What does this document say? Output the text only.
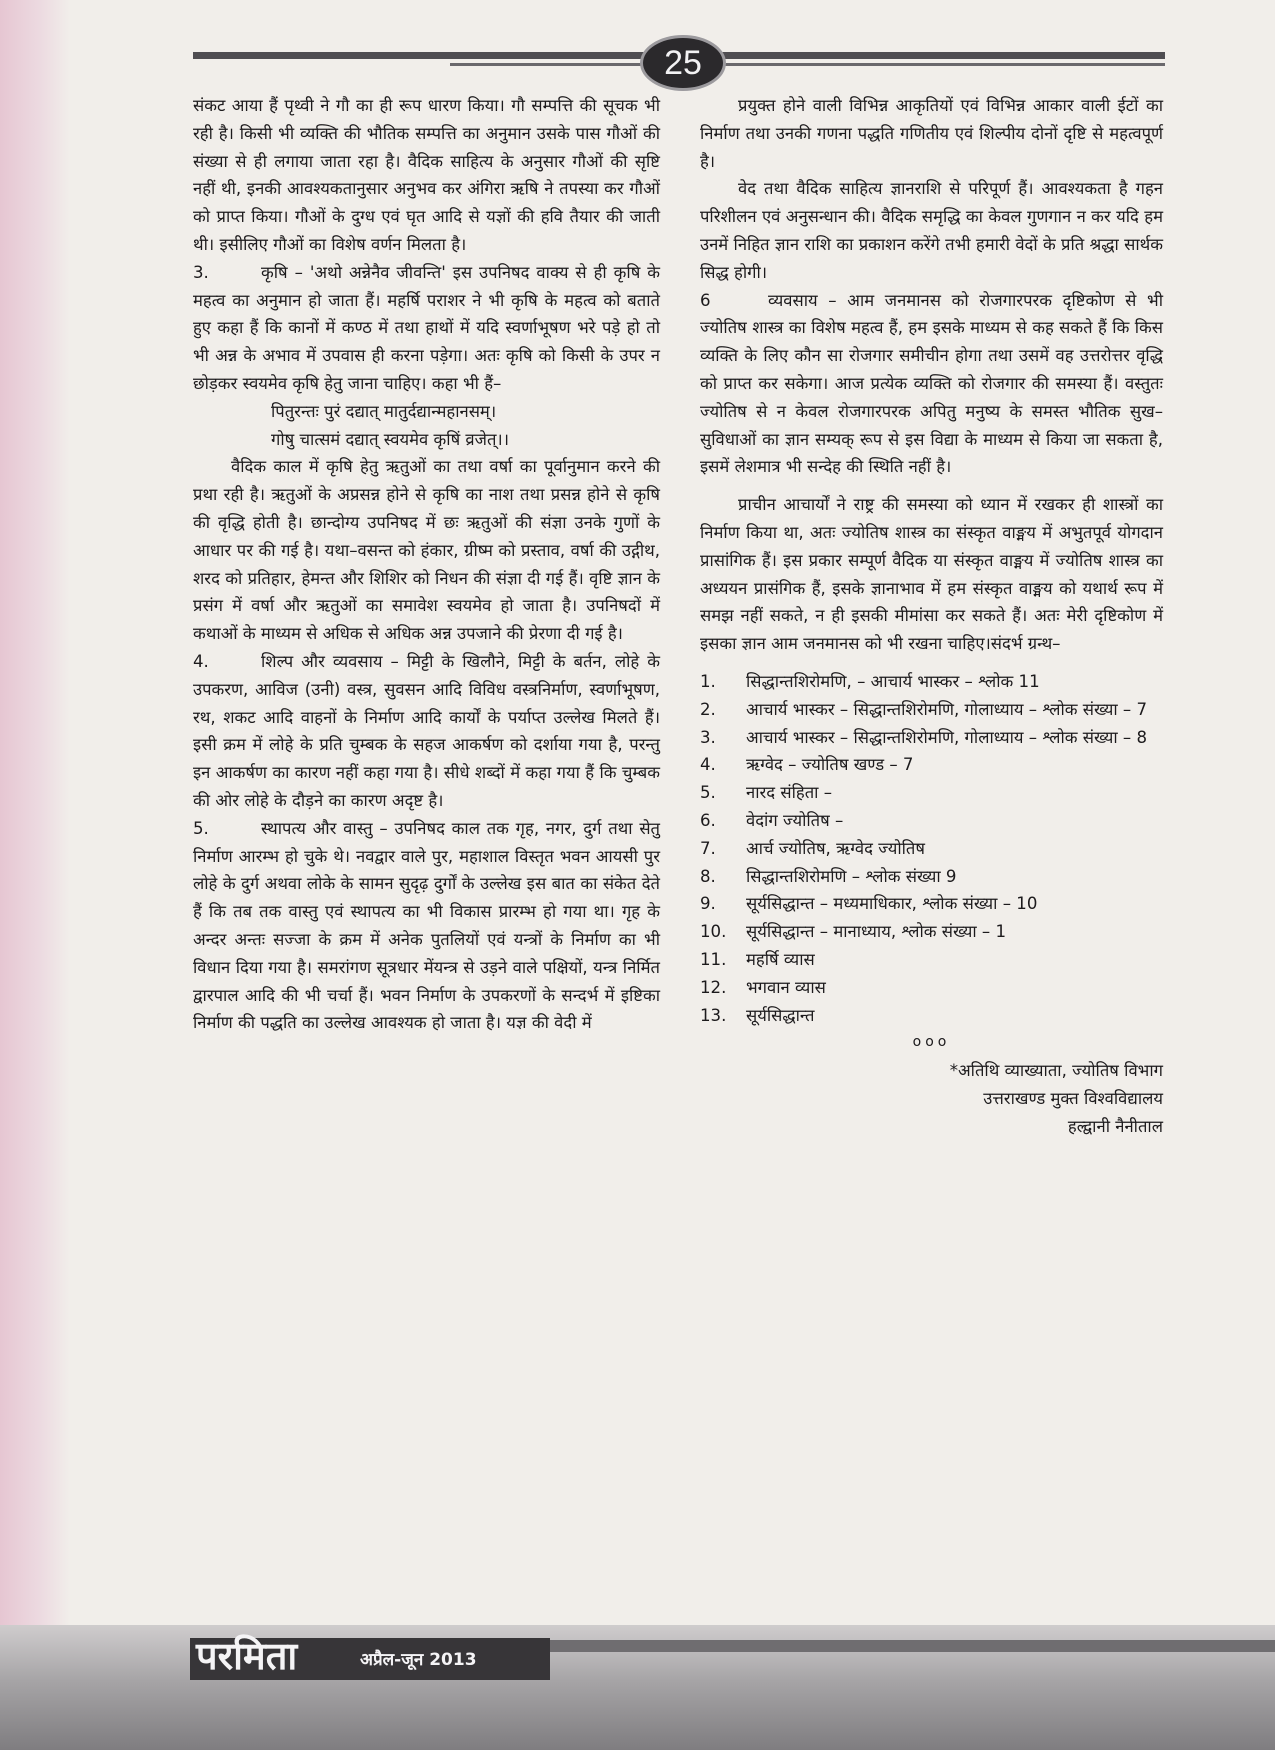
25

संकट आया हैं पृथ्वी ने गौ का ही रूप धारण किया। गौ सम्पत्ति की सूचक भी रही है। किसी भी व्यक्ति की भौतिक सम्पत्ति का अनुमान उसके पास गौओं की संख्या से ही लगाया जाता रहा है। वैदिक साहित्य के अनुसार गौओं की सृष्टि नहीं थी, इनकी आवश्यकतानुसार अनुभव कर अंगिरा ऋषि ने तपस्या कर गौओं को प्राप्त किया। गौओं के दुग्ध एवं घृत आदि से यज्ञों की हवि तैयार की जाती थी। इसीलिए गौओं का विशेष वर्णन मिलता है।

3.	कृषि – 'अथो अन्नेनैव जीवन्ति' इस उपनिषद वाक्य से ही कृषि के महत्व का अनुमान हो जाता हैं। महर्षि पराशर ने भी कृषि के महत्व को बताते हुए कहा हैं कि कानों में कण्ठ में तथा हाथों में यदि स्वर्णाभूषण भरे पड़े हो तो भी अन्न के अभाव में उपवास ही करना पड़ेगा। अतः कृषि को किसी के उपर न छोड़कर स्वयमेव कृषि हेतु जाना चाहिए। कहा भी हैं–

पितुरन्तः पुरं दद्यात् मातुर्दद्यान्महानसम्।

गोषु चात्समं दद्यात् स्वयमेव कृषिं व्रजेत्।।

वैदिक काल में कृषि हेतु ऋतुओं का तथा वर्षा का पूर्वानुमान करने की प्रथा रही है। ऋतुओं के अप्रसन्न होने से कृषि का नाश तथा प्रसन्न होने से कृषि की वृद्धि होती है। छान्दोग्य उपनिषद में छः ऋतुओं की संज्ञा उनके गुणों के आधार पर की गई है। यथा–वसन्त को हंकार, ग्रीष्म को प्रस्ताव, वर्षा की उद्गीथ, शरद को प्रतिहार, हेमन्त और शिशिर को निधन की संज्ञा दी गई हैं। वृष्टि ज्ञान के प्रसंग में वर्षा और ऋतुओं का समावेश स्वयमेव हो जाता है। उपनिषदों में कथाओं के माध्यम से अधिक से अधिक अन्न उपजाने की प्रेरणा दी गई है।

4.	शिल्प और व्यवसाय – मिट्टी के खिलौने, मिट्टी के बर्तन, लोहे के उपकरण, आविज (उनी) वस्त्र, सुवसन आदि विविध वस्त्रनिर्माण, स्वर्णाभूषण, रथ, शकट आदि वाहनों के निर्माण आदि कार्यों के पर्याप्त उल्लेख मिलते हैं। इसी क्रम में लोहे के प्रति चुम्बक के सहज आकर्षण को दर्शाया गया है, परन्तु इन आकर्षण का कारण नहीं कहा गया है। सीधे शब्दों में कहा गया हैं कि चुम्बक की ओर लोहे के दौड़ने का कारण अदृष्ट है।

5.	स्थापत्य और वास्तु – उपनिषद काल तक गृह, नगर, दुर्ग तथा सेतु निर्माण आरम्भ हो चुके थे। नवद्वार वाले पुर, महाशाल विस्तृत भवन आयसी पुर लोहे के दुर्ग अथवा लोके के सामन सुदृढ़ दुर्गों के उल्लेख इस बात का संकेत देते हैं कि तब तक वास्तु एवं स्थापत्य का भी विकास प्रारम्भ हो गया था। गृह के अन्दर अन्तः सज्जा के क्रम में अनेक पुतलियों एवं यन्त्रों के निर्माण का भी विधान दिया गया है। समरांगण सूत्रधार मेंयन्त्र से उड़ने वाले पक्षियों, यन्त्र निर्मित द्वारपाल आदि की भी चर्चा हैं। भवन निर्माण के उपकरणों के सन्दर्भ में इष्टिका निर्माण की पद्धति का उल्लेख आवश्यक हो जाता है। यज्ञ की वेदी में

प्रयुक्त होने वाली विभिन्न आकृतियों एवं विभिन्न आकार वाली ईटों का निर्माण तथा उनकी गणना पद्धति गणितीय एवं शिल्पीय दोनों दृष्टि से महत्वपूर्ण है।

वेद तथा वैदिक साहित्य ज्ञानराशि से परिपूर्ण हैं। आवश्यकता है गहन परिशीलन एवं अनुसन्धान की। वैदिक समृद्धि का केवल गुणगान न कर यदि हम उनमें निहित ज्ञान राशि का प्रकाशन करेंगे तभी हमारी वेदों के प्रति श्रद्धा सार्थक सिद्ध होगी।

6	व्यवसाय – आम जनमानस को रोजगारपरक दृष्टिकोण से भी ज्योतिष शास्त्र का विशेष महत्व हैं, हम इसके माध्यम से कह सकते हैं कि किस व्यक्ति के लिए कौन सा रोजगार समीचीन होगा तथा उसमें वह उत्तरोत्तर वृद्धि को प्राप्त कर सकेगा। आज प्रत्येक व्यक्ति को रोजगार की समस्या हैं। वस्तुतः ज्योतिष से न केवल रोजगारपरक अपितु मनुष्य के समस्त भौतिक सुख–सुविधाओं का ज्ञान सम्यक् रूप से इस विद्या के माध्यम से किया जा सकता है, इसमें लेशमात्र भी सन्देह की स्थिति नहीं है।

प्राचीन आचार्यों ने राष्ट्र की समस्या को ध्यान में रखकर ही शास्त्रों का निर्माण किया था, अतः ज्योतिष शास्त्र का संस्कृत वाङ्मय में अभुतपूर्व योगदान प्रासांगिक हैं। इस प्रकार सम्पूर्ण वैदिक या संस्कृत वाङ्मय में ज्योतिष शास्त्र का अध्ययन प्रासंगिक हैं, इसके ज्ञानाभाव में हम संस्कृत वाङ्मय को यथार्थ रूप में समझ नहीं सकते, न ही इसकी मीमांसा कर सकते हैं। अतः मेरी दृष्टिकोण में इसका ज्ञान आम जनमानस को भी रखना चाहिए।संदर्भ ग्रन्थ–

1.	सिद्धान्तशिरोमणि, – आचार्य भास्कर – श्लोक 11
2.	आचार्य भास्कर – सिद्धान्तशिरोमणि, गोलाध्याय – श्लोक संख्या – 7
3.	आचार्य भास्कर – सिद्धान्तशिरोमणि, गोलाध्याय – श्लोक संख्या – 8
4.	ऋग्वेद – ज्योतिष खण्ड – 7
5.	नारद संहिता –
6.	वेदांग ज्योतिष –
7.	आर्च ज्योतिष, ऋग्वेद ज्योतिष
8.	सिद्धान्तशिरोमणि – श्लोक संख्या 9
9.	सूर्यसिद्धान्त – मध्यमाधिकार, श्लोक संख्या – 10
10.	सूर्यसिद्धान्त – मानाध्याय, श्लोक संख्या – 1
11.	महर्षि व्यास
12.	भगवान व्यास
13.	सूर्यसिद्धान्त

ooo

*अतिथि व्याख्याता, ज्योतिष विभाग

उत्तराखण्ड मुक्त विश्वविद्यालय

हल्द्वानी नैनीताल

परमिता	अप्रैल-जून 2013
